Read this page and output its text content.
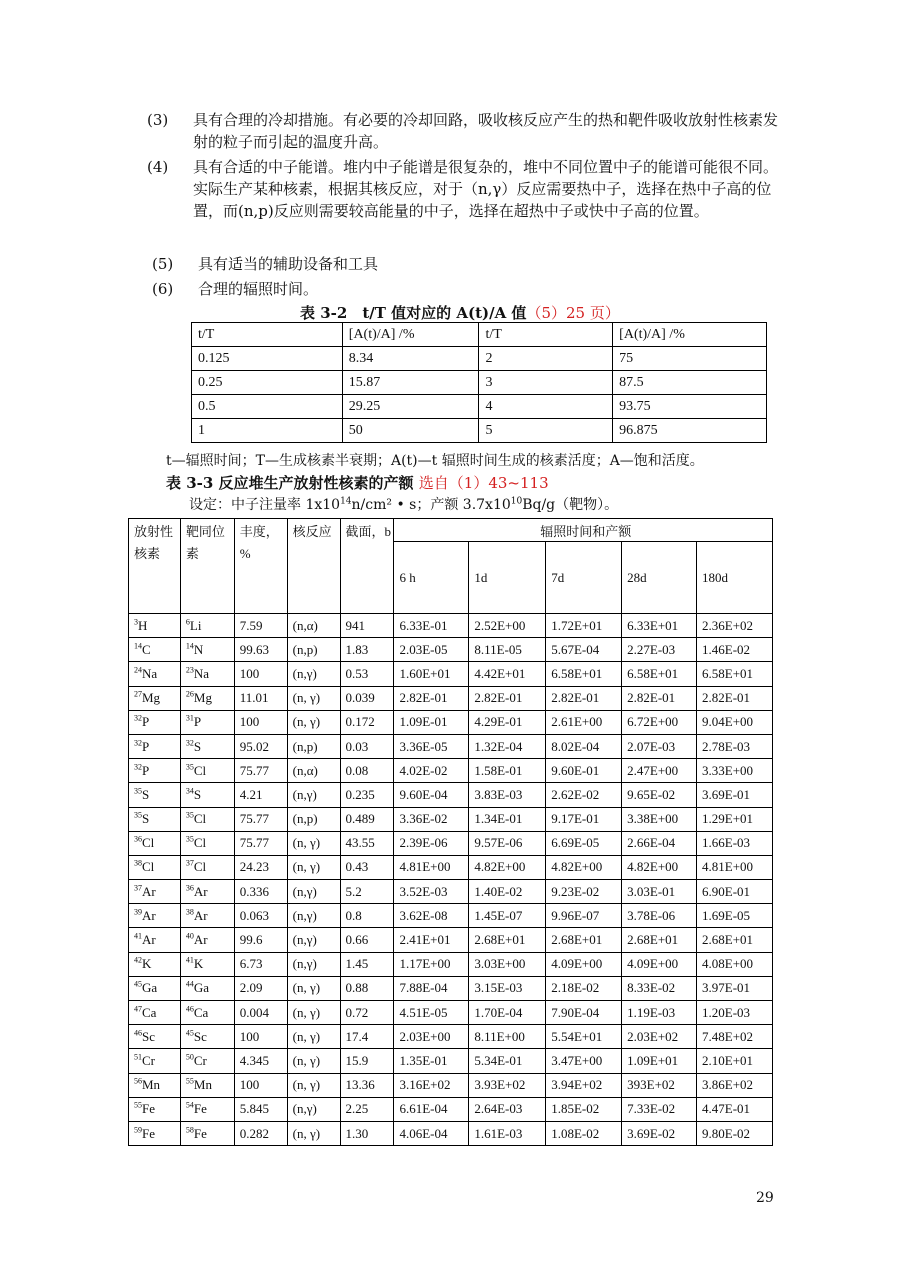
(3) 具有合理的冷却措施。有必要的冷却回路，吸收核反应产生的热和靶件吸收放射性核素发射的粒子而引起的温度升高。
(4) 具有合适的中子能谱。堆内中子能谱是很复杂的，堆中不同位置中子的能谱可能很不同。实际生产某种核素，根据其核反应，对于（n,γ）反应需要热中子，选择在热中子高的位置，而(n,p)反应则需要较高能量的中子，选择在超热中子或快中子高的位置。
(5) 具有适当的辅助设备和工具
(6) 合理的辐照时间。
表 3-2　t/T 值对应的 A(t)/A 值（5）25 页）
t/T	[A(t)/A] /%	t/T	[A(t)/A] /%
0.125	8.34	2	75
0.25	15.87	3	87.5
0.5	29.25	4	93.75
1	50	5	96.875
t—辐照时间；T—生成核素半衰期；A(t)—t 辐照时间生成的核素活度；A—饱和活度。
表 3-3 反应堆生产放射性核素的产额 选自（1）43~113
设定：中子注量率 $1x10^{14}n$/cm² • s；产额 $3.7x10^{10}Bq/g$（靶物）。
放射性核素	靶同位素	丰度，%	核反应	截面，b	辐照时间和产额				
					6 h	1d	7d	28d	180d
$^3$H	$^6$Li	7.59	(n,α)	941	6.33E-01	2.52E+00	1.72E+01	6.33E+01	2.36E+02
$^{14}$C	$^{14}$N	99.63	(n,p)	1.83	2.03E-05	8.11E-05	5.67E-04	2.27E-03	1.46E-02
$^{24}$Na	$^{23}$Na	100	(n,γ)	0.53	1.60E+01	4.42E+01	6.58E+01	6.58E+01	6.58E+01
$^{27}$Mg	$^{26}$Mg	11.01	(n, γ)	0.039	2.82E-01	2.82E-01	2.82E-01	2.82E-01	2.82E-01
$^{32}$P	$^{31}$P	100	(n, γ)	0.172	1.09E-01	4.29E-01	2.61E+00	6.72E+00	9.04E+00
$^{32}$P	$^{32}$S	95.02	(n,p)	0.03	3.36E-05	1.32E-04	8.02E-04	2.07E-03	2.78E-03
$^{32}$P	$^{35}$Cl	75.77	(n,α)	0.08	4.02E-02	1.58E-01	9.60E-01	2.47E+00	3.33E+00
$^{35}$S	$^{34}$S	4.21	(n,γ)	0.235	9.60E-04	3.83E-03	2.62E-02	9.65E-02	3.69E-01
$^{35}$S	$^{35}$Cl	75.77	(n,p)	0.489	3.36E-02	1.34E-01	9.17E-01	3.38E+00	1.29E+01
$^{36}$Cl	$^{35}$Cl	75.77	(n, γ)	43.55	2.39E-06	9.57E-06	6.69E-05	2.66E-04	1.66E-03
$^{38}$Cl	$^{37}$Cl	24.23	(n, γ)	0.43	4.81E+00	4.82E+00	4.82E+00	4.82E+00	4.81E+00
$^{37}$Ar	$^{36}$Ar	0.336	(n,γ)	5.2	3.52E-03	1.40E-02	9.23E-02	3.03E-01	6.90E-01
$^{39}$Ar	$^{38}$Ar	0.063	(n,γ)	0.8	3.62E-08	1.45E-07	9.96E-07	3.78E-06	1.69E-05
$^{41}$Ar	$^{40}$Ar	99.6	(n,γ)	0.66	2.41E+01	2.68E+01	2.68E+01	2.68E+01	2.68E+01
$^{42}$K	$^{41}$K	6.73	(n,γ)	1.45	1.17E+00	3.03E+00	4.09E+00	4.09E+00	4.08E+00
$^{45}$Ga	$^{44}$Ga	2.09	(n, γ)	0.88	7.88E-04	3.15E-03	2.18E-02	8.33E-02	3.97E-01
$^{47}$Ca	$^{46}$Ca	0.004	(n, γ)	0.72	4.51E-05	1.70E-04	7.90E-04	1.19E-03	1.20E-03
$^{46}$Sc	$^{45}$Sc	100	(n, γ)	17.4	2.03E+00	8.11E+00	5.54E+01	2.03E+02	7.48E+02
$^{51}$Cr	$^{50}$Cr	4.345	(n, γ)	15.9	1.35E-01	5.34E-01	3.47E+00	1.09E+01	2.10E+01
$^{56}$Mn	$^{55}$Mn	100	(n, γ)	13.36	3.16E+02	3.93E+02	3.94E+02	393E+02	3.86E+02
$^{55}$Fe	$^{54}$Fe	5.845	(n,γ)	2.25	6.61E-04	2.64E-03	1.85E-02	7.33E-02	4.47E-01
$^{59}$Fe	$^{58}$Fe	0.282	(n, γ)	1.30	4.06E-04	1.61E-03	1.08E-02	3.69E-02	9.80E-02
29
